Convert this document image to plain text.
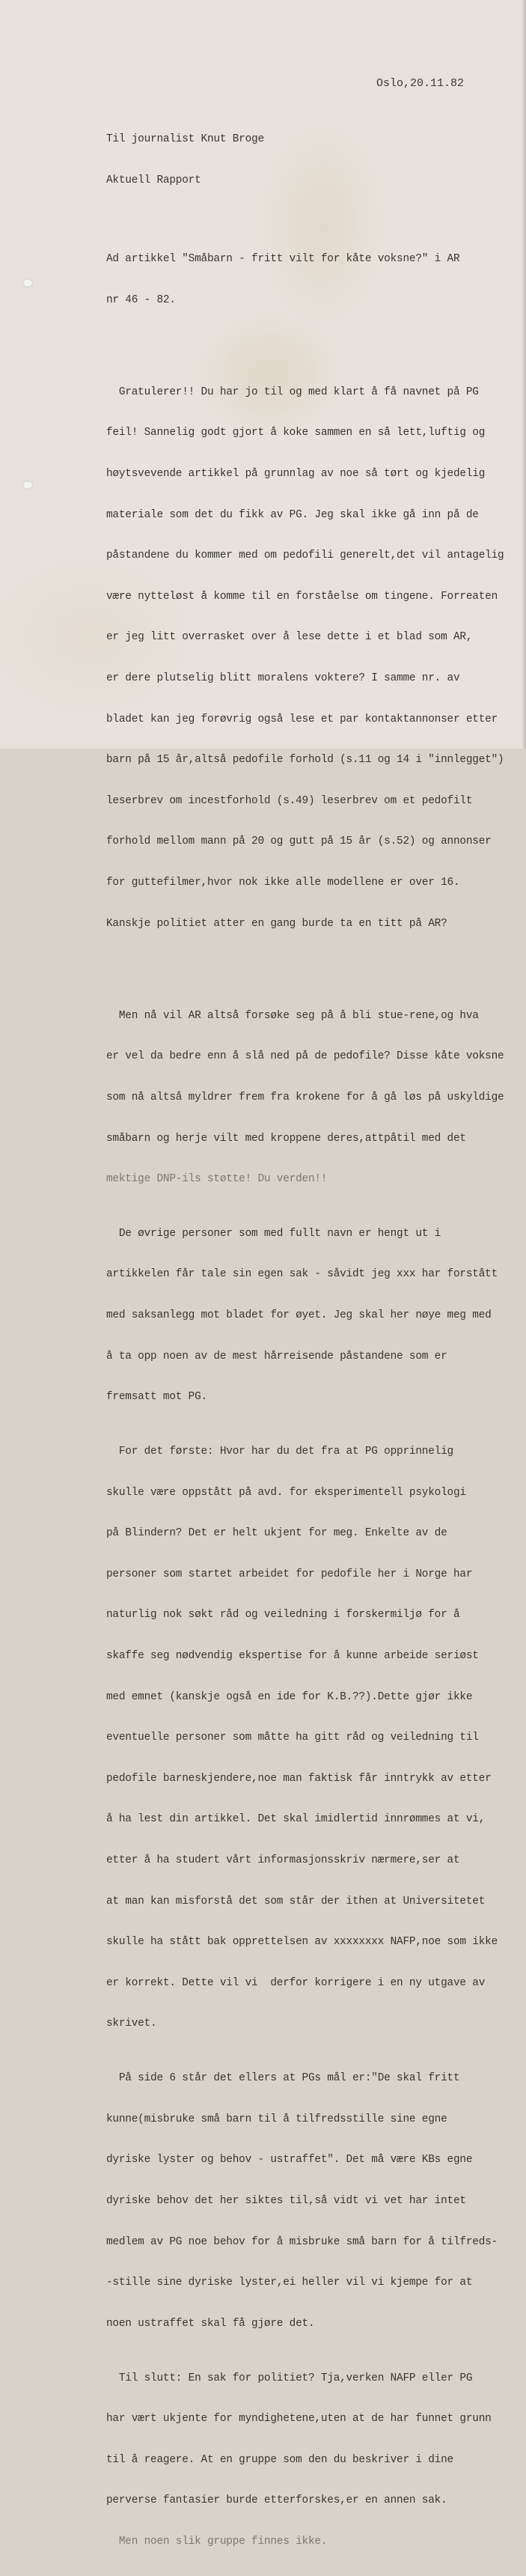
Oslo,20.11.82

Til journalist Knut Broge

Aktuell Rapport

Ad artikkel "Småbarn - fritt vilt for kåte voksne?" i AR

nr 46 - 82.

Gratulerer!! Du har jo til og med klart å få navnet på PG

feil! Sannelig godt gjort å koke sammen en så lett,luftig og

høytsvevende artikkel på grunnlag av noe så tørt og kjedelig

materiale som det du fikk av PG. Jeg skal ikke gå inn på de

påstandene du kommer med om pedofili generelt,det vil antagelig

være nytteløst å komme til en forståelse om tingene. Forreaten

er jeg litt overrasket over å lese dette i et blad som AR,

er dere plutselig blitt moralens voktere? I samme nr. av

bladet kan jeg forøvrig også lese et par kontaktannonser etter

barn på 15 år,altså pedofile forhold (s.11 og 14 i "innlegget")

leserbrev om incestforhold (s.49) leserbrev om et pedofilt

forhold mellom mann på 20 og gutt på 15 år (s.52) og annonser

for guttefilmer,hvor nok ikke alle modellene er over 16.

Kanskje politiet atter en gang burde ta en titt på AR?

Men nå vil AR altså forsøke seg på å bli stue-rene,og hva

er vel da bedre enn å slå ned på de pedofile? Disse kåte voksne

som nå altså myldrer frem fra krokene for å gå løs på uskyldige

småbarn og herje vilt med kroppene deres,attpåtil med det

mektige DNP-ils støtte! Du verden!!

De øvrige personer som med fullt navn er hengt ut i

artikkelen får tale sin egen sak - såvidt jeg xxx har forstått

med saksanlegg mot bladet for øyet. Jeg skal her nøye meg med

å ta opp noen av de mest hårreisende påstandene som er

fremsatt mot PG.

For det første: Hvor har du det fra at PG opprinnelig

skulle være oppstått på avd. for eksperimentell psykologi

på Blindern? Det er helt ukjent for meg. Enkelte av de

personer som startet arbeidet for pedofile her i Norge har

naturlig nok søkt råd og veiledning i forskermiljø for å

skaffe seg nødvendig ekspertise for å kunne arbeide seriøst

med emnet (kanskje også en ide for K.B.??).Dette gjør ikke

eventuelle personer som måtte ha gitt råd og veiledning til

pedofile barneskjendere,noe man faktisk får inntrykk av etter

å ha lest din artikkel. Det skal imidlertid innrømmes at vi,

etter å ha studert vårt informasjonsskriv nærmere,ser at

at man kan misforstå det som står der ithen at Universitetet

skulle ha stått bak opprettelsen av xxxxxxxx NAFP,noe som ikke

er korrekt. Dette vil vi  derfor korrigere i en ny utgave av

skrivet.

På side 6 står det ellers at PGs mål er:"De skal fritt

kunne(misbruke små barn til å tilfredsstille sine egne

dyriske lyster og behov - ustraffet". Det må være KBs egne

dyriske behov det her siktes til,så vidt vi vet har intet

medlem av PG noe behov for å misbruke små barn for å tilfreds-

-stille sine dyriske lyster,ei heller vil vi kjempe for at

noen ustraffet skal få gjøre det.

Til slutt: En sak for politiet? Tja,verken NAFP eller PG

har vært ukjente for myndighetene,uten at de har funnet grunn

til å reagere. At en gruppe som den du beskriver i dine

perverse fantasier burde etterforskes,er en annen sak.

Men noen slik gruppe finnes ikke.
